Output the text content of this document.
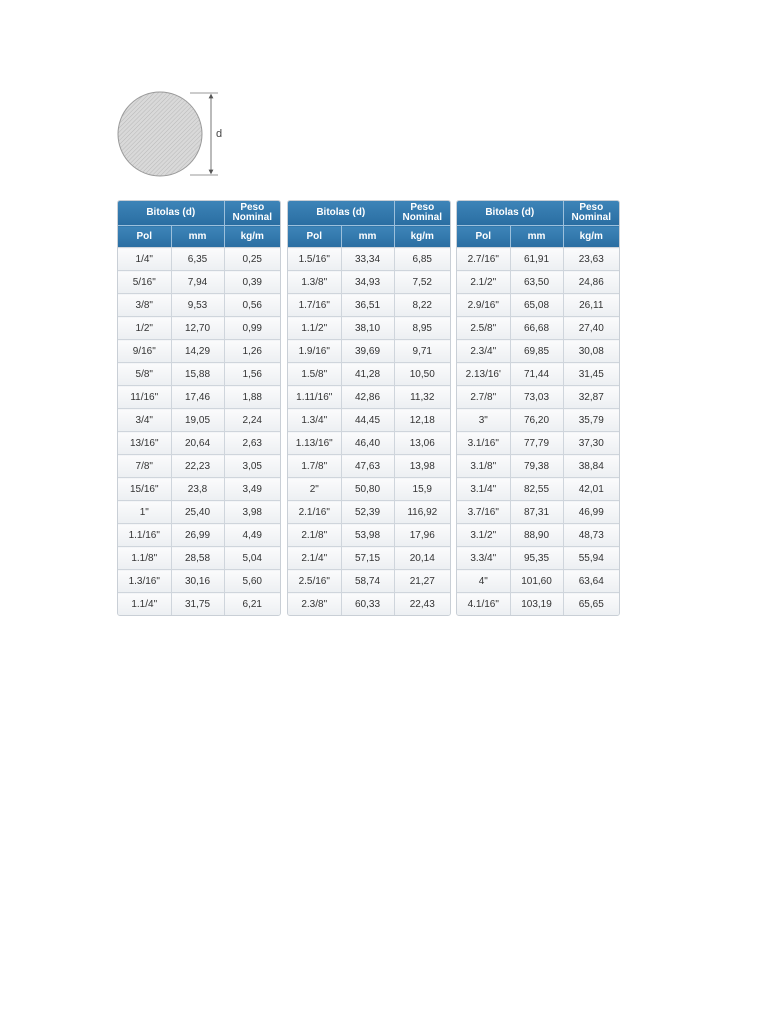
d
Bitolas (d)		Peso
Nominal
Pol	mm	kg/m
1/4"	6,35	0,25
5/16"	7,94	0,39
3/8"	9,53	0,56
1/2"	12,70	0,99
9/16"	14,29	1,26
5/8"	15,88	1,56
11/16"	17,46	1,88
3/4"	19,05	2,24
13/16"	20,64	2,63
7/8"	22,23	3,05
15/16"	23,8	3,49
1"	25,40	3,98
1.1/16"	26,99	4,49
1.1/8"	28,58	5,04
1.3/16"	30,16	5,60
1.1/4"	31,75	6,21
Bitolas (d)		Peso
Nominal
Pol	mm	kg/m
1.5/16"	33,34	6,85
1.3/8"	34,93	7,52
1.7/16"	36,51	8,22
1.1/2"	38,10	8,95
1.9/16"	39,69	9,71
1.5/8"	41,28	10,50
1.11/16"	42,86	11,32
1.3/4"	44,45	12,18
1.13/16"	46,40	13,06
1.7/8"	47,63	13,98
2"	50,80	15,9
2.1/16"	52,39	116,92
2.1/8"	53,98	17,96
2.1/4"	57,15	20,14
2.5/16"	58,74	21,27
2.3/8"	60,33	22,43
Bitolas (d)		Peso
Nominal
Pol	mm	kg/m
2.7/16"	61,91	23,63
2.1/2"	63,50	24,86
2.9/16"	65,08	26,11
2.5/8"	66,68	27,40
2.3/4"	69,85	30,08
2.13/16'	71,44	31,45
2.7/8"	73,03	32,87
3"	76,20	35,79
3.1/16"	77,79	37,30
3.1/8"	79,38	38,84
3.1/4"	82,55	42,01
3.7/16"	87,31	46,99
3.1/2"	88,90	48,73
3.3/4"	95,35	55,94
4"	101,60	63,64
4.1/16"	103,19	65,65
